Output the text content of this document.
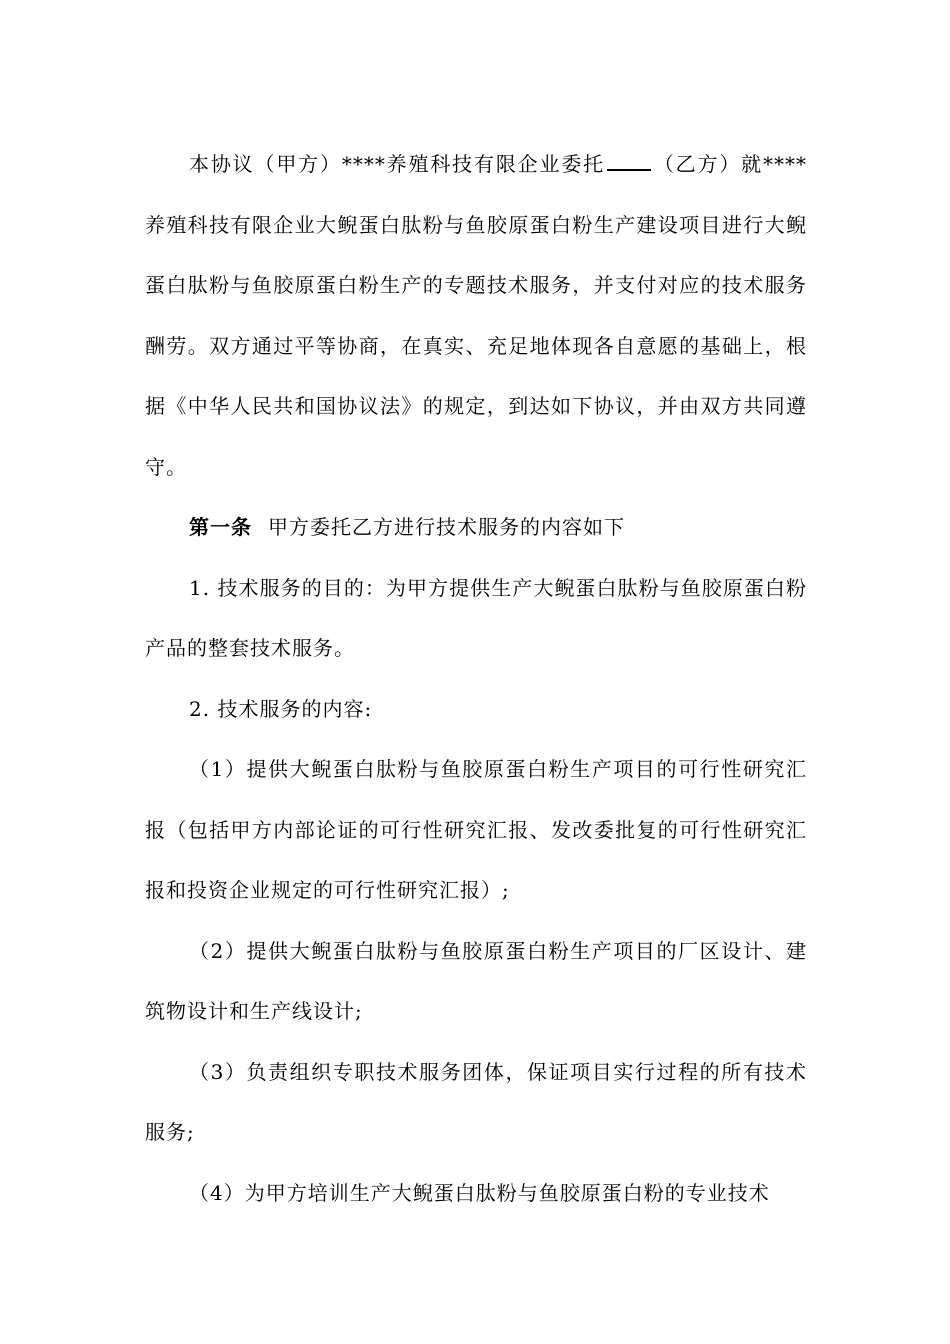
本协议（甲方）****养殖科技有限企业委托 （乙方）就****养殖科技有限企业大鲵蛋白肽粉与鱼胶原蛋白粉生产建设项目进行大鲵蛋白肽粉与鱼胶原蛋白粉生产的专题技术服务，并支付对应的技术服务酬劳。双方通过平等协商，在真实、充足地体现各自意愿的基础上，根据《中华人民共和国协议法》的规定，到达如下协议，并由双方共同遵守。

第一条 甲方委托乙方进行技术服务的内容如下

1. 技术服务的目的：为甲方提供生产大鲵蛋白肽粉与鱼胶原蛋白粉产品的整套技术服务。

2. 技术服务的内容:

（1）提供大鲵蛋白肽粉与鱼胶原蛋白粉生产项目的可行性研究汇报（包括甲方内部论证的可行性研究汇报、发改委批复的可行性研究汇报和投资企业规定的可行性研究汇报）;

（2）提供大鲵蛋白肽粉与鱼胶原蛋白粉生产项目的厂区设计、建筑物设计和生产线设计;

（3）负责组织专职技术服务团体，保证项目实行过程的所有技术服务;

（4）为甲方培训生产大鲵蛋白肽粉与鱼胶原蛋白粉的专业技术
